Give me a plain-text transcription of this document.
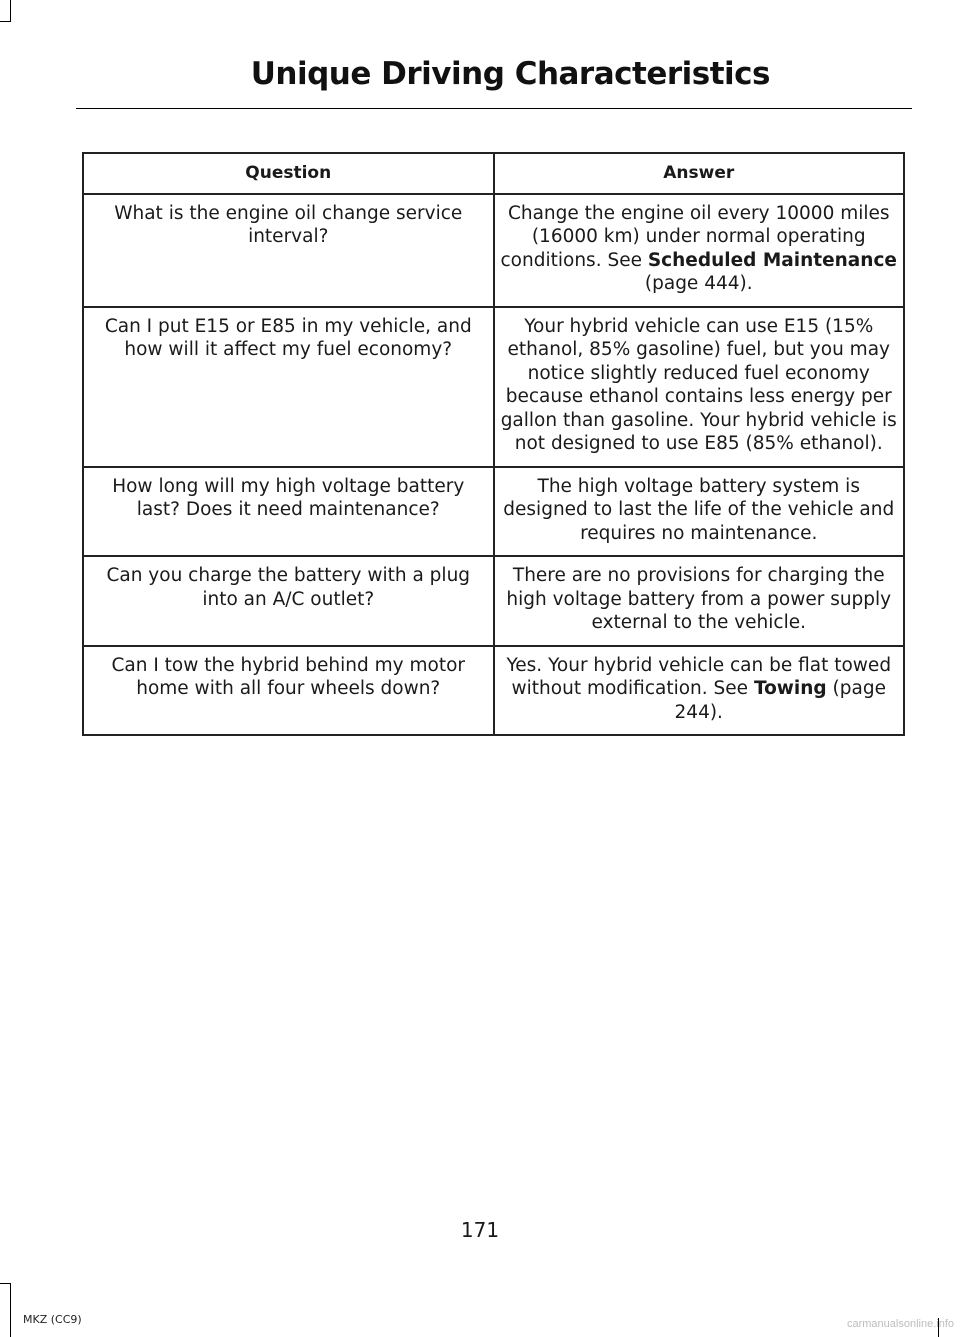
Unique Driving Characteristics
Question	Answer
What is the engine oil change service interval?	Change the engine oil every 10000 miles (16000 km) under normal operating conditions. See Scheduled Maintenance (page 444).
Can I put E15 or E85 in my vehicle, and how will it affect my fuel economy?	Your hybrid vehicle can use E15 (15% ethanol, 85% gasoline) fuel, but you may notice slightly reduced fuel economy because ethanol contains less energy per gallon than gasoline. Your hybrid vehicle is not designed to use E85 (85% ethanol).
How long will my high voltage battery last? Does it need maintenance?	The high voltage battery system is designed to last the life of the vehicle and requires no maintenance.
Can you charge the battery with a plug into an A/C outlet?	There are no provisions for charging the high voltage battery from a power supply external to the vehicle.
Can I tow the hybrid behind my motor home with all four wheels down?	Yes. Your hybrid vehicle can be flat towed without modification. See Towing (page 244).
171
MKZ (CC9)	carmanualsonline.info
